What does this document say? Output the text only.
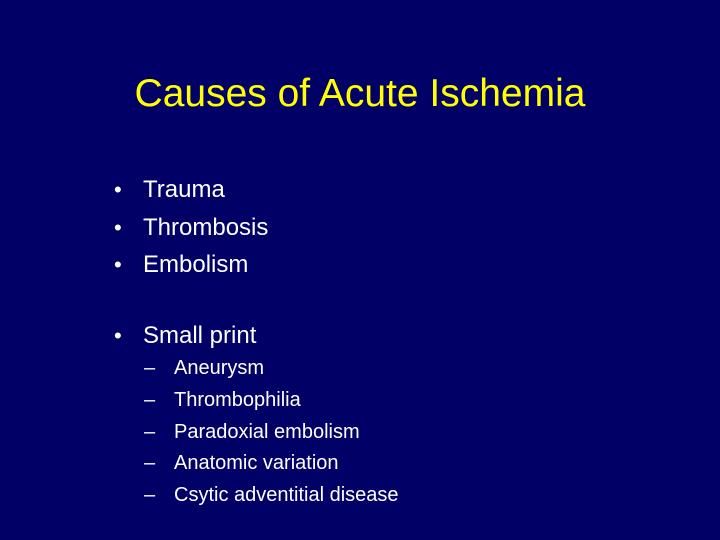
Causes of Acute Ischemia
• Trauma
• Thrombosis
• Embolism
• Small print
– Aneurysm
– Thrombophilia
– Paradoxial embolism
– Anatomic variation
– Csytic adventitial disease
